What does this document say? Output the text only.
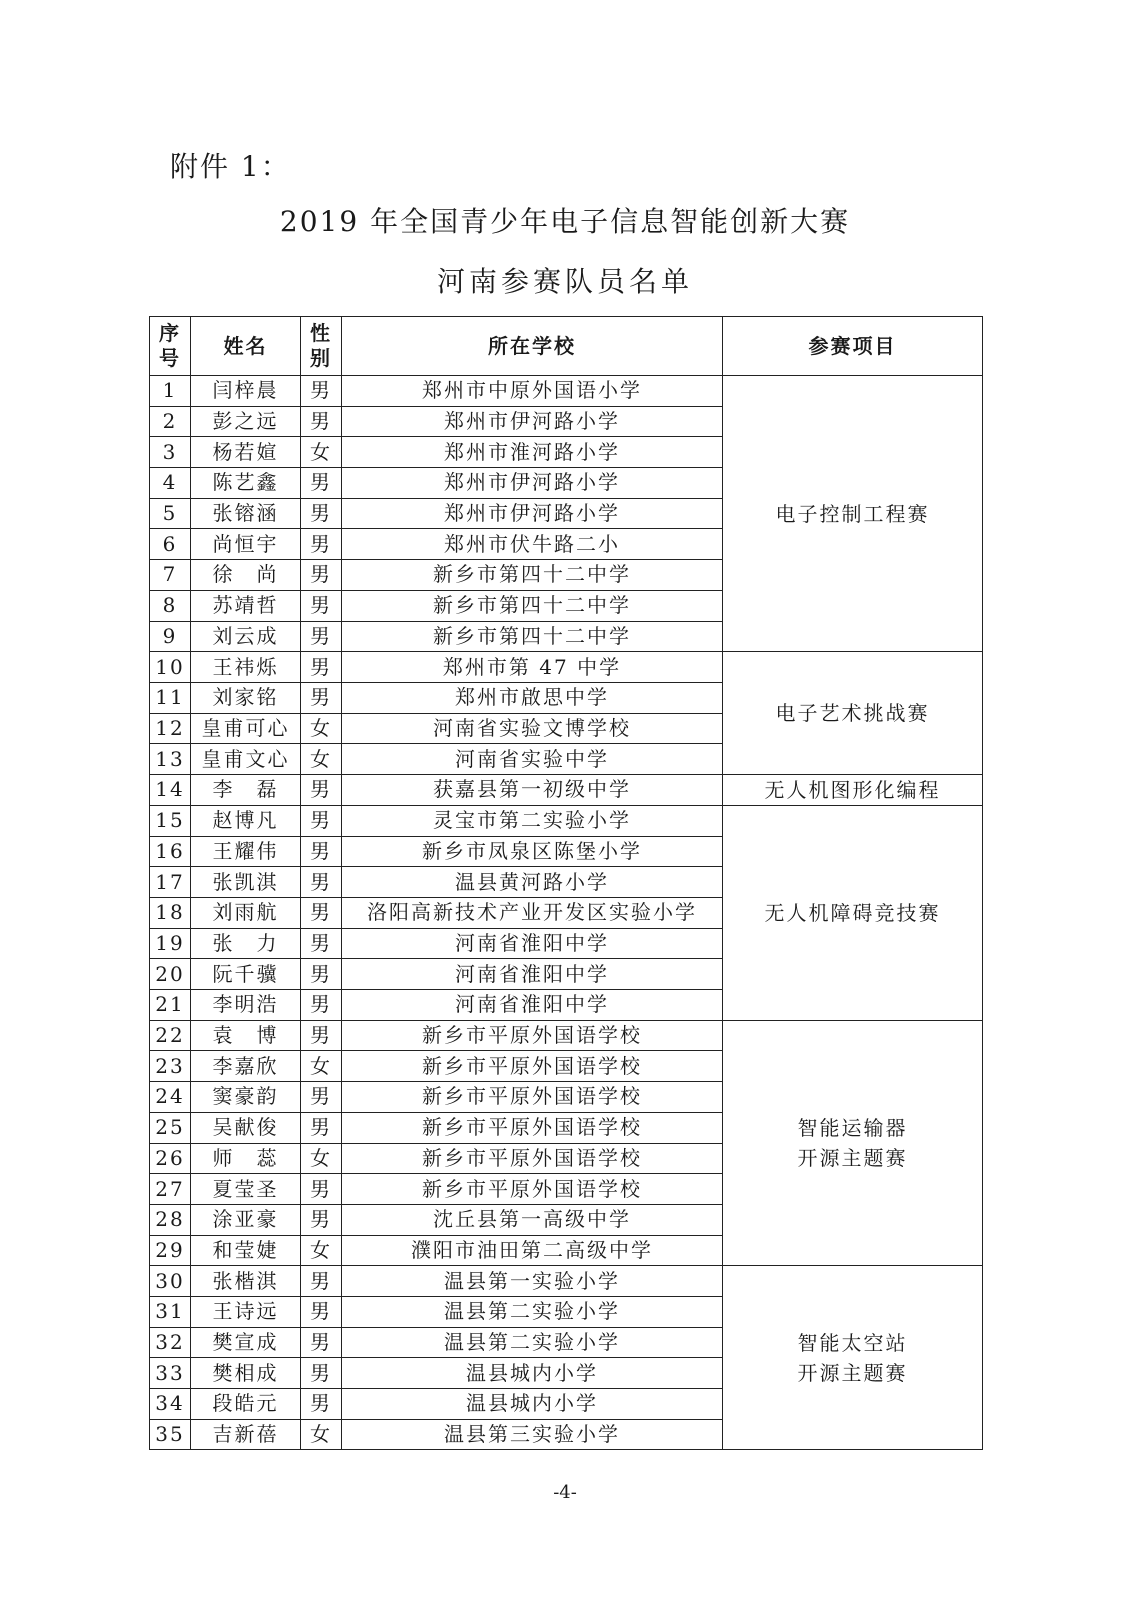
附件 1：
2019 年全国青少年电子信息智能创新大赛
河南参赛队员名单
序号	姓名	性别	所在学校	参赛项目
1	闫梓晨	男	郑州市中原外国语小学	电子控制工程赛

2	彭之远	男	郑州市伊河路小学	
3	杨若媗	女	郑州市淮河路小学	
4	陈艺鑫	男	郑州市伊河路小学	
5	张镕涵	男	郑州市伊河路小学	
6	尚恒宇	男	郑州市伏牛路二小	
7	徐　尚	男	新乡市第四十二中学	
8	苏靖哲	男	新乡市第四十二中学	
9	刘云成	男	新乡市第四十二中学	
10	王祎烁	男	郑州市第 47 中学	电子艺术挑战赛

11	刘家铭	男	郑州市啟思中学	
12	皇甫可心	女	河南省实验文博学校	
13	皇甫文心	女	河南省实验中学	
14	李　磊	男	获嘉县第一初级中学	无人机图形化编程

15	赵博凡	男	灵宝市第二实验小学	无人机障碍竞技赛

16	王耀伟	男	新乡市凤泉区陈堡小学	
17	张凯淇	男	温县黄河路小学	
18	刘雨航	男	洛阳高新技术产业开发区实验小学	
19	张　力	男	河南省淮阳中学	
20	阮千骥	男	河南省淮阳中学	
21	李明浩	男	河南省淮阳中学	
22	袁　博	男	新乡市平原外国语学校	智能运输器
开源主题赛

23	李嘉欣	女	新乡市平原外国语学校	
24	窦豪韵	男	新乡市平原外国语学校	
25	吴献俊	男	新乡市平原外国语学校	
26	师　蕊	女	新乡市平原外国语学校	
27	夏莹圣	男	新乡市平原外国语学校	
28	涂亚豪	男	沈丘县第一高级中学	
29	和莹婕	女	濮阳市油田第二高级中学	
30	张楷淇	男	温县第一实验小学	智能太空站
开源主题赛

31	王诗远	男	温县第二实验小学	
32	樊宣成	男	温县第二实验小学	
33	樊相成	男	温县城内小学	
34	段皓元	男	温县城内小学	
35	吉新蓓	女	温县第三实验小学	
-4-
